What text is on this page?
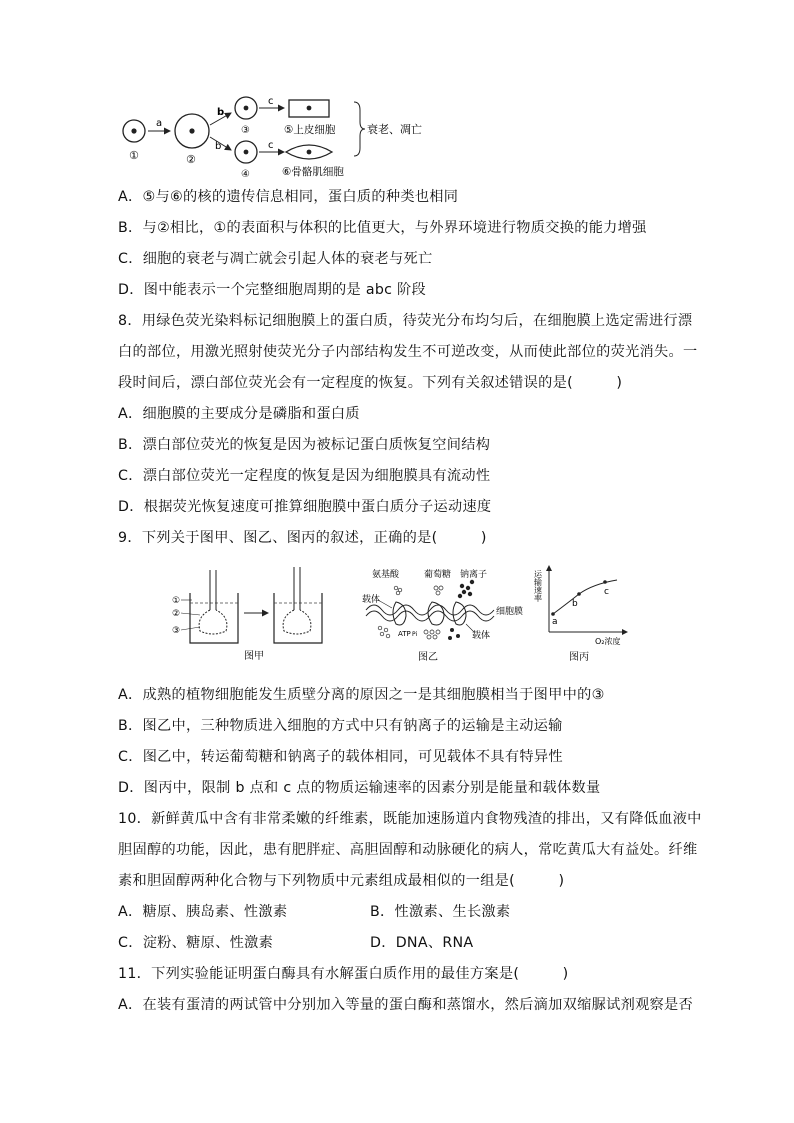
①
a
②
b
b
③
④
c
c
⑤上皮细胞
⑥骨骼肌细胞
衰老、凋亡
A．⑤与⑥的核的遗传信息相同，蛋白质的种类也相同
B．与②相比，①的表面积与体积的比值更大，与外界环境进行物质交换的能力增强
C．细胞的衰老与凋亡就会引起人体的衰老与死亡
D．图中能表示一个完整细胞周期的是 abc 阶段
8．用绿色荧光染料标记细胞膜上的蛋白质，待荧光分布均匀后，在细胞膜上选定需进行漂
白的部位，用激光照射使荧光分子内部结构发生不可逆改变，从而使此部位的荧光消失。一
段时间后，漂白部位荧光会有一定程度的恢复。下列有关叙述错误的是(　　　)
A．细胞膜的主要成分是磷脂和蛋白质
B．漂白部位荧光的恢复是因为被标记蛋白质恢复空间结构
C．漂白部位荧光一定程度的恢复是因为细胞膜具有流动性
D．根据荧光恢复速度可推算细胞膜中蛋白质分子运动速度
9．下列关于图甲、图乙、图丙的叙述，正确的是(　　　)
①
②
③
图甲
氨基酸	葡萄糖 钠离子
载体
细胞膜
ATP Pi	载体
图乙
运输速率
a
b
c
O₂浓度
图丙
A．成熟的植物细胞能发生质壁分离的原因之一是其细胞膜相当于图甲中的③
B．图乙中，三种物质进入细胞的方式中只有钠离子的运输是主动运输
C．图乙中，转运葡萄糖和钠离子的载体相同，可见载体不具有特异性
D．图丙中，限制 b 点和 c 点的物质运输速率的因素分别是能量和载体数量
10．新鲜黄瓜中含有非常柔嫩的纤维素，既能加速肠道内食物残渣的排出，又有降低血液中
胆固醇的功能，因此，患有肥胖症、高胆固醇和动脉硬化的病人，常吃黄瓜大有益处。纤维
素和胆固醇两种化合物与下列物质中元素组成最相似的一组是(　　　)
A．糖原、胰岛素、性激素	B．性激素、生长激素
C．淀粉、糖原、性激素	D．DNA、RNA
11．下列实验能证明蛋白酶具有水解蛋白质作用的最佳方案是(　　　)
A．在装有蛋清的两试管中分别加入等量的蛋白酶和蒸馏水，然后滴加双缩脲试剂观察是否
